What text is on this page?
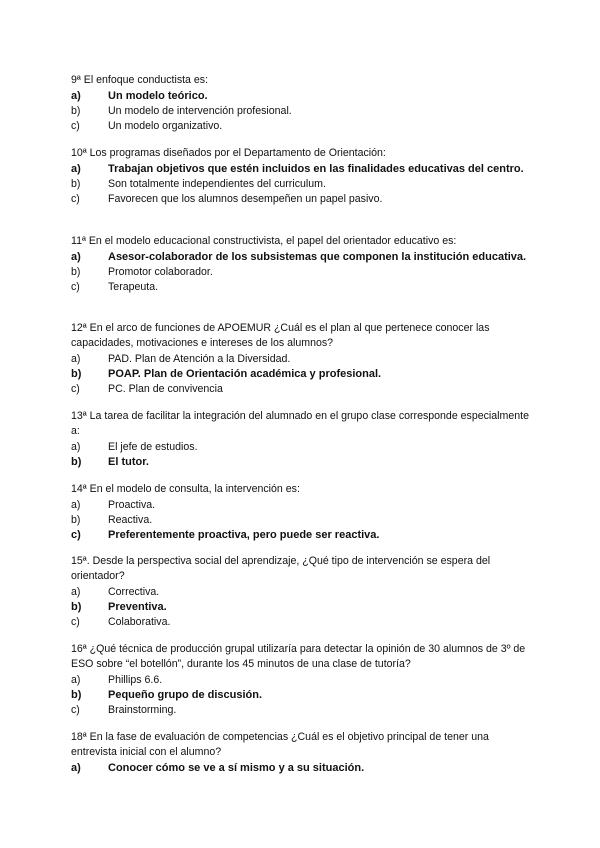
9ª El enfoque conductista es:
a)	Un modelo teórico.
b)	Un modelo de intervención profesional.
c)	Un modelo organizativo.
10ª Los programas diseñados por el Departamento de Orientación:
a)	Trabajan objetivos que estén incluidos en las finalidades educativas del centro.
b)	Son totalmente independientes del curriculum.
c)	Favorecen que los alumnos desempeñen un papel pasivo.
11ª En el modelo educacional constructivista, el papel del orientador educativo es:
a)	Asesor-colaborador de los subsistemas que componen la institución educativa.
b)	Promotor colaborador.
c)	Terapeuta.
12ª En el arco de funciones de APOEMUR ¿Cuál es el plan al que pertenece conocer las capacidades, motivaciones e intereses de los alumnos?
a)	PAD. Plan de Atención a la Diversidad.
b)	POAP. Plan de Orientación académica y profesional.
c)	PC. Plan de convivencia
13ª La tarea de facilitar la integración del alumnado en el grupo clase corresponde especialmente a:
a)	El jefe de estudios.
b)	El tutor.
14ª En el modelo de consulta, la intervención es:
a)	Proactiva.
b)	Reactiva.
c)	Preferentemente proactiva, pero puede ser reactiva.
15ª. Desde la perspectiva social del aprendizaje, ¿Qué tipo de intervención se espera del orientador?
a)	Correctiva.
b)	Preventiva.
c)	Colaborativa.
16ª ¿Qué técnica de producción grupal utilizaría para detectar la opinión de 30 alumnos de 3º de ESO sobre “el botellón”, durante los 45 minutos de una clase de tutoría?
a)	Phillips 6.6.
b)	Pequeño grupo de discusión.
c)	Brainstorming.
18ª En la fase de evaluación de competencias ¿Cuál es el objetivo principal de tener una entrevista inicial con el alumno?
a)	Conocer cómo se ve a sí mismo y a su situación.
